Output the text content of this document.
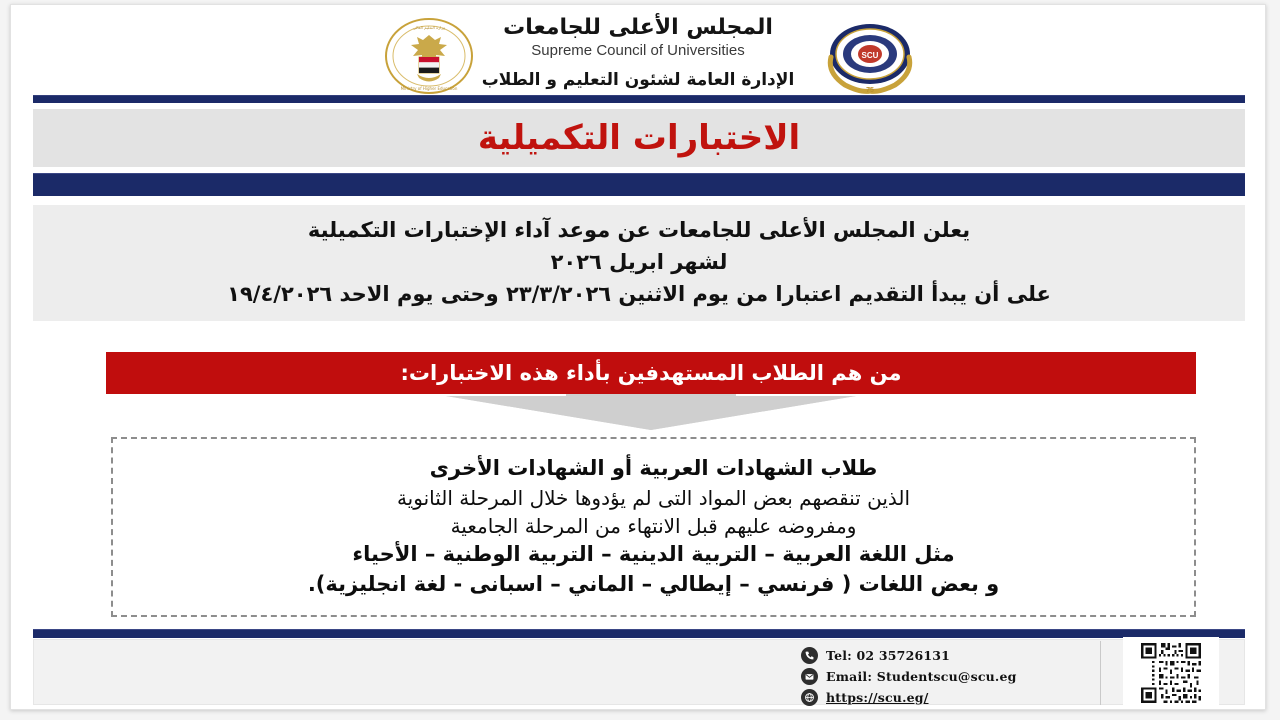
وزارة التعليم العالي
Ministry of Higher Education
المجلس الأعلى للجامعات
Supreme Council of Universities
الإدارة العامة لشئون التعليم و الطلاب
SCU
75
الاختبارات التكميلية
يعلن المجلس الأعلى للجامعات عن موعد آداء الإختبارات التكميلية
لشهر ابريل ٢٠٢٦
على أن يبدأ التقديم اعتبارا من يوم الاثنين ٢٣/٣/٢٠٢٦ وحتى يوم الاحد ١٩/٤/٢٠٢٦
من هم الطلاب المستهدفين بأداء هذه الاختبارات:
طلاب الشهادات العربية أو الشهادات الأخرى
الذين تنقصهم بعض المواد التى لم يؤدوها خلال المرحلة الثانوية
ومفروضه عليهم قبل الانتهاء من المرحلة الجامعية
مثل اللغة العربية – التربية الدينية – التربية الوطنية – الأحياء
و بعض اللغات ( فرنسي – إيطالي – الماني – اسبانى - لغة انجليزية).
Tel: 02 35726131
Email: Studentscu@scu.eg
https://scu.eg/
